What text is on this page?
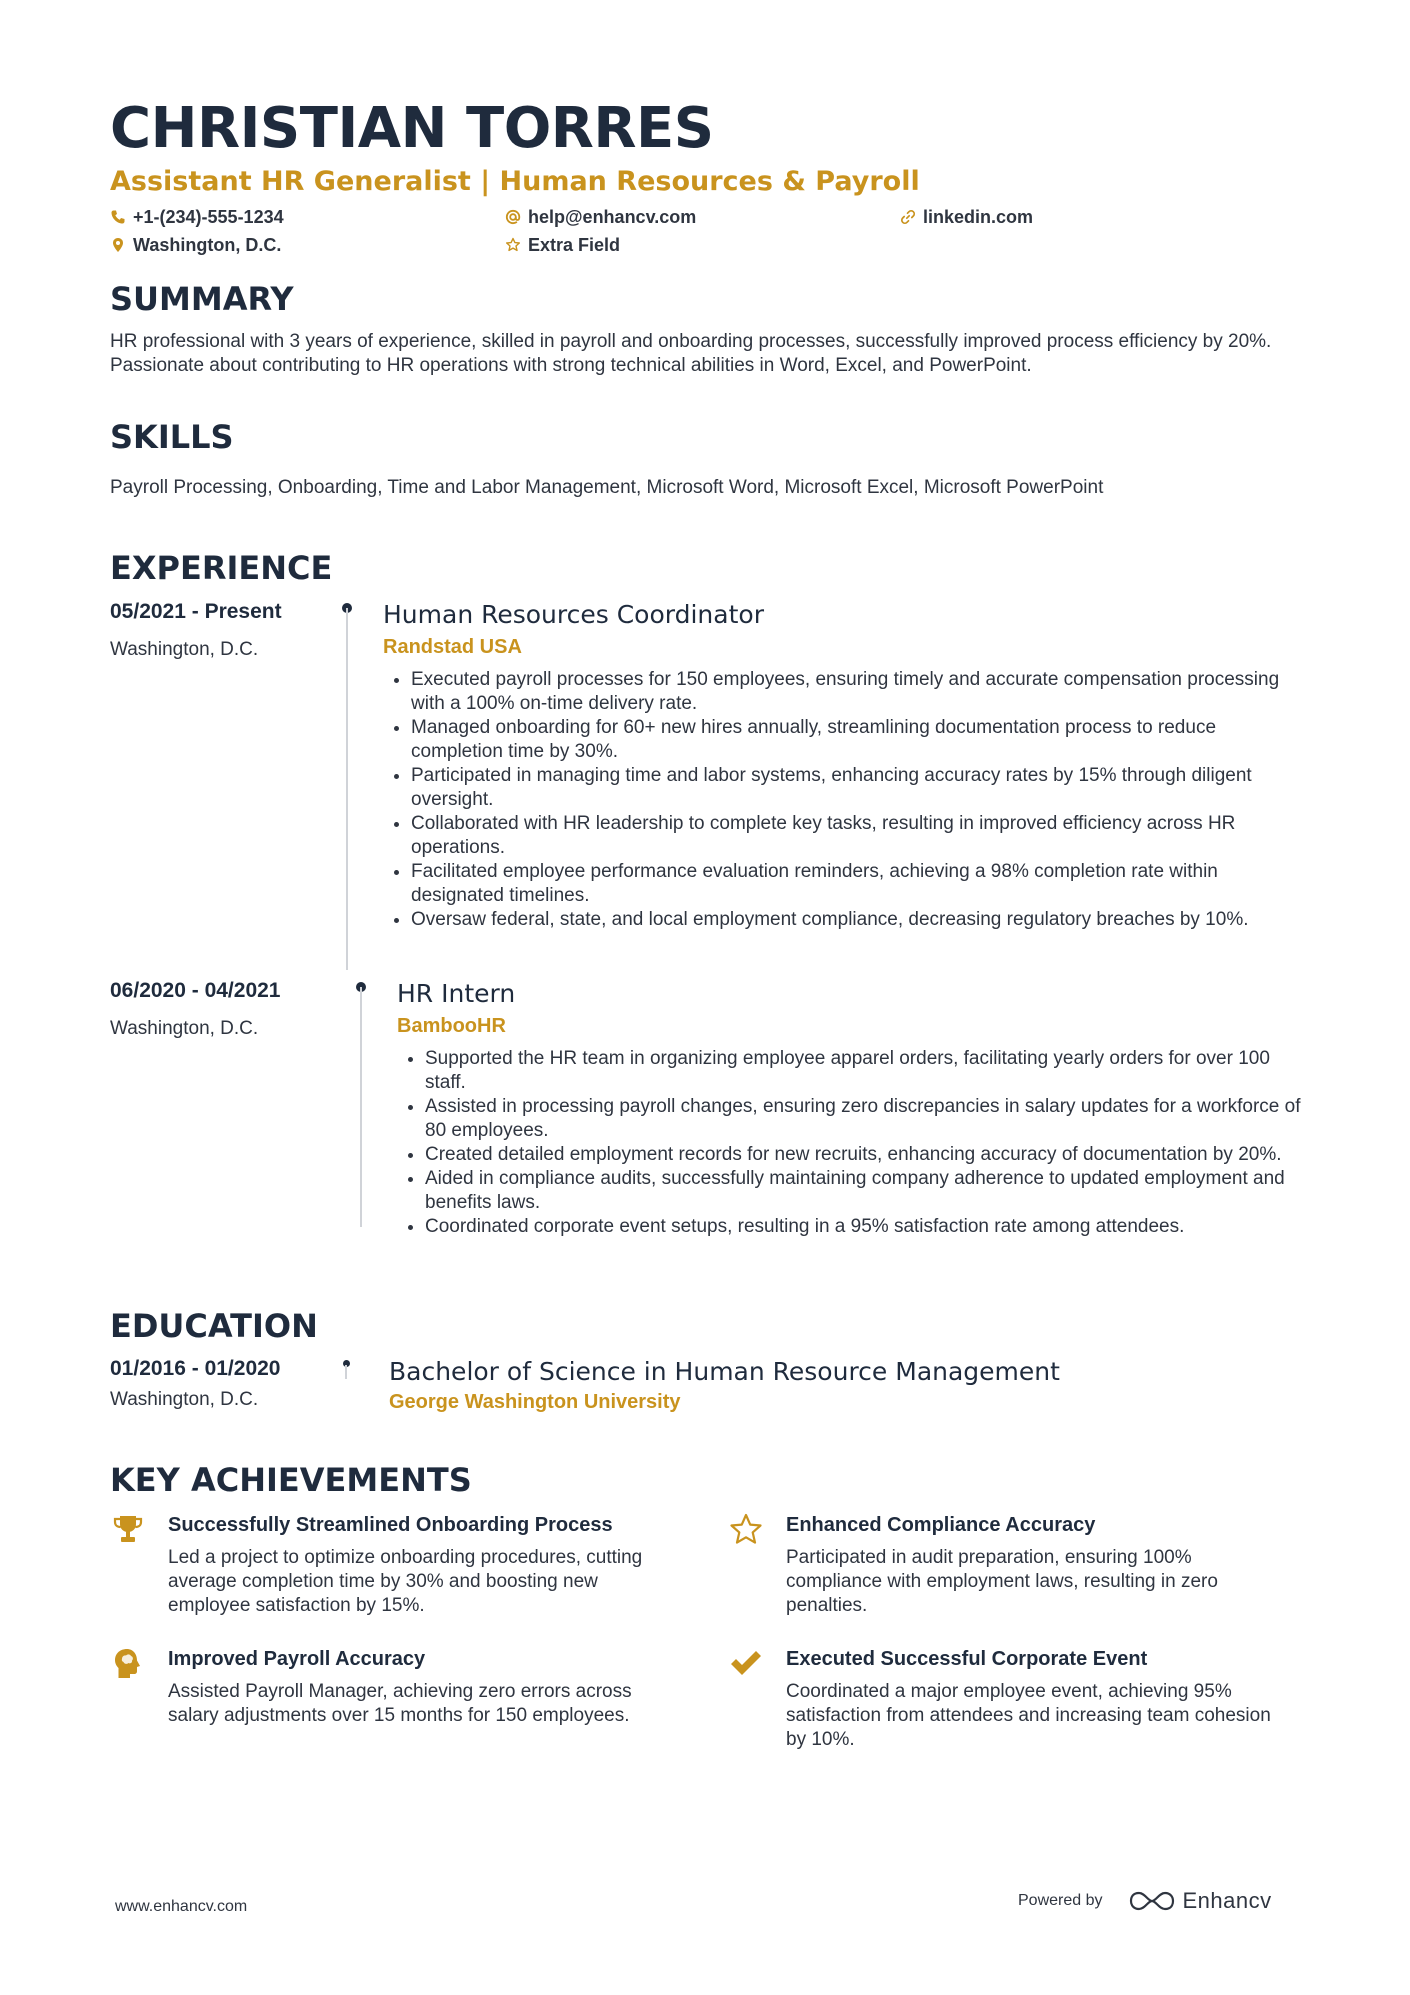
CHRISTIAN TORRES

Assistant HR Generalist | Human Resources & Payroll

+1-(234)-555-1234	help@enhancv.com	linkedin.com
Washington, D.C.	Extra Field
SUMMARY

HR professional with 3 years of experience, skilled in payroll and onboarding processes, successfully improved process efficiency by 20%. Passionate about contributing to HR operations with strong technical abilities in Word, Excel, and PowerPoint.

SKILLS

Payroll Processing, Onboarding, Time and Labor Management, Microsoft Word, Microsoft Excel, Microsoft PowerPoint

EXPERIENCE
05/2021 - Present
Washington, D.C.

Human Resources Coordinator

Randstad USA

• Executed payroll processes for 150 employees, ensuring timely and accurate compensation processing with a 100% on-time delivery rate.
• Managed onboarding for 60+ new hires annually, streamlining documentation process to reduce completion time by 30%.
• Participated in managing time and labor systems, enhancing accuracy rates by 15% through diligent oversight.
• Collaborated with HR leadership to complete key tasks, resulting in improved efficiency across HR operations.
• Facilitated employee performance evaluation reminders, achieving a 98% completion rate within designated timelines.
• Oversaw federal, state, and local employment compliance, decreasing regulatory breaches by 10%.
06/2020 - 04/2021
Washington, D.C.

HR Intern

BambooHR

• Supported the HR team in organizing employee apparel orders, facilitating yearly orders for over 100 staff.
• Assisted in processing payroll changes, ensuring zero discrepancies in salary updates for a workforce of 80 employees.
• Created detailed employment records for new recruits, enhancing accuracy of documentation by 20%.
• Aided in compliance audits, successfully maintaining company adherence to updated employment and benefits laws.
• Coordinated corporate event setups, resulting in a 95% satisfaction rate among attendees.
EDUCATION
01/2016 - 01/2020
Washington, D.C.

Bachelor of Science in Human Resource Management

George Washington University

KEY ACHIEVEMENTS
Successfully Streamlined Onboarding Process
Led a project to optimize onboarding procedures, cutting average completion time by 30% and boosting new employee satisfaction by 15%.
Enhanced Compliance Accuracy
Participated in audit preparation, ensuring 100% compliance with employment laws, resulting in zero penalties.
Improved Payroll Accuracy
Assisted Payroll Manager, achieving zero errors across salary adjustments over 15 months for 150 employees.
Executed Successful Corporate Event
Coordinated a major employee event, achieving 95% satisfaction from attendees and increasing team cohesion by 10%.
www.enhancv.com	Powered by	Enhancv
